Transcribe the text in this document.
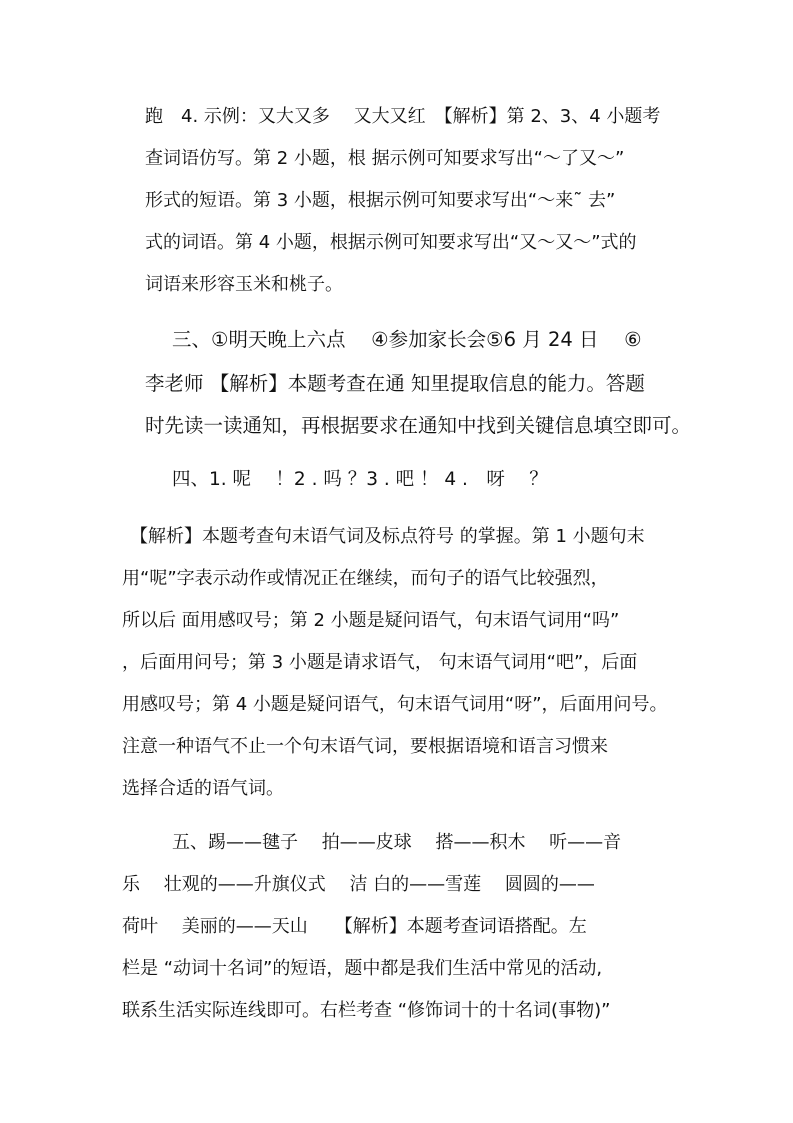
跑　4. 示例：又大又多　 又大又红　【解析】第 2、3、4 小题考
查词语仿写。第 2 小题，根 据示例可知要求写出“～了又～”
形式的短语。第 3 小题，根据示例可知要求写出“～来˜ 去”
式的词语。第 4 小题，根据示例可知要求写出“又～又～”式的
词语来形容玉米和桃子。
三、①明天晚上六点　 ④参加家长会⑤6 月 24 日　 ⑥
李老师 【解析】本题考查在通 知里提取信息的能力。答题
时先读一读通知，再根据要求在通知中找到关键信息填空即可。
四、1. 呢　 ！2 . 吗 ？3 . 吧 ！ 4 .　呀　 ？
【解析】本题考查句末语气词及标点符号 的掌握。第 1 小题句末
用“呢”字表示动作或情况正在继续，而句子的语气比较强烈，
所以后 面用感叹号；第 2 小题是疑问语气，句末语气词用“吗”
，后面用问号；第 3 小题是请求语气， 句末语气词用“吧”，后面
用感叹号；第 4 小题是疑问语气，句末语气词用“呀”，后面用问号。
注意一种语气不止一个句末语气词，要根据语境和语言习惯来
选择合适的语气词。
五、踢——毽子　 拍——皮球　 搭——积木　 听——音
乐　 壮观的——升旗仪式　 洁 白的——雪莲　 圆圆的——
荷叶　 美丽的——天山　　【解析】本题考查词语搭配。左
栏是 “动词十名词”的短语，题中都是我们生活中常见的活动,
联系生活实际连线即可。右栏考查 “修饰词十的十名词(事物)”
